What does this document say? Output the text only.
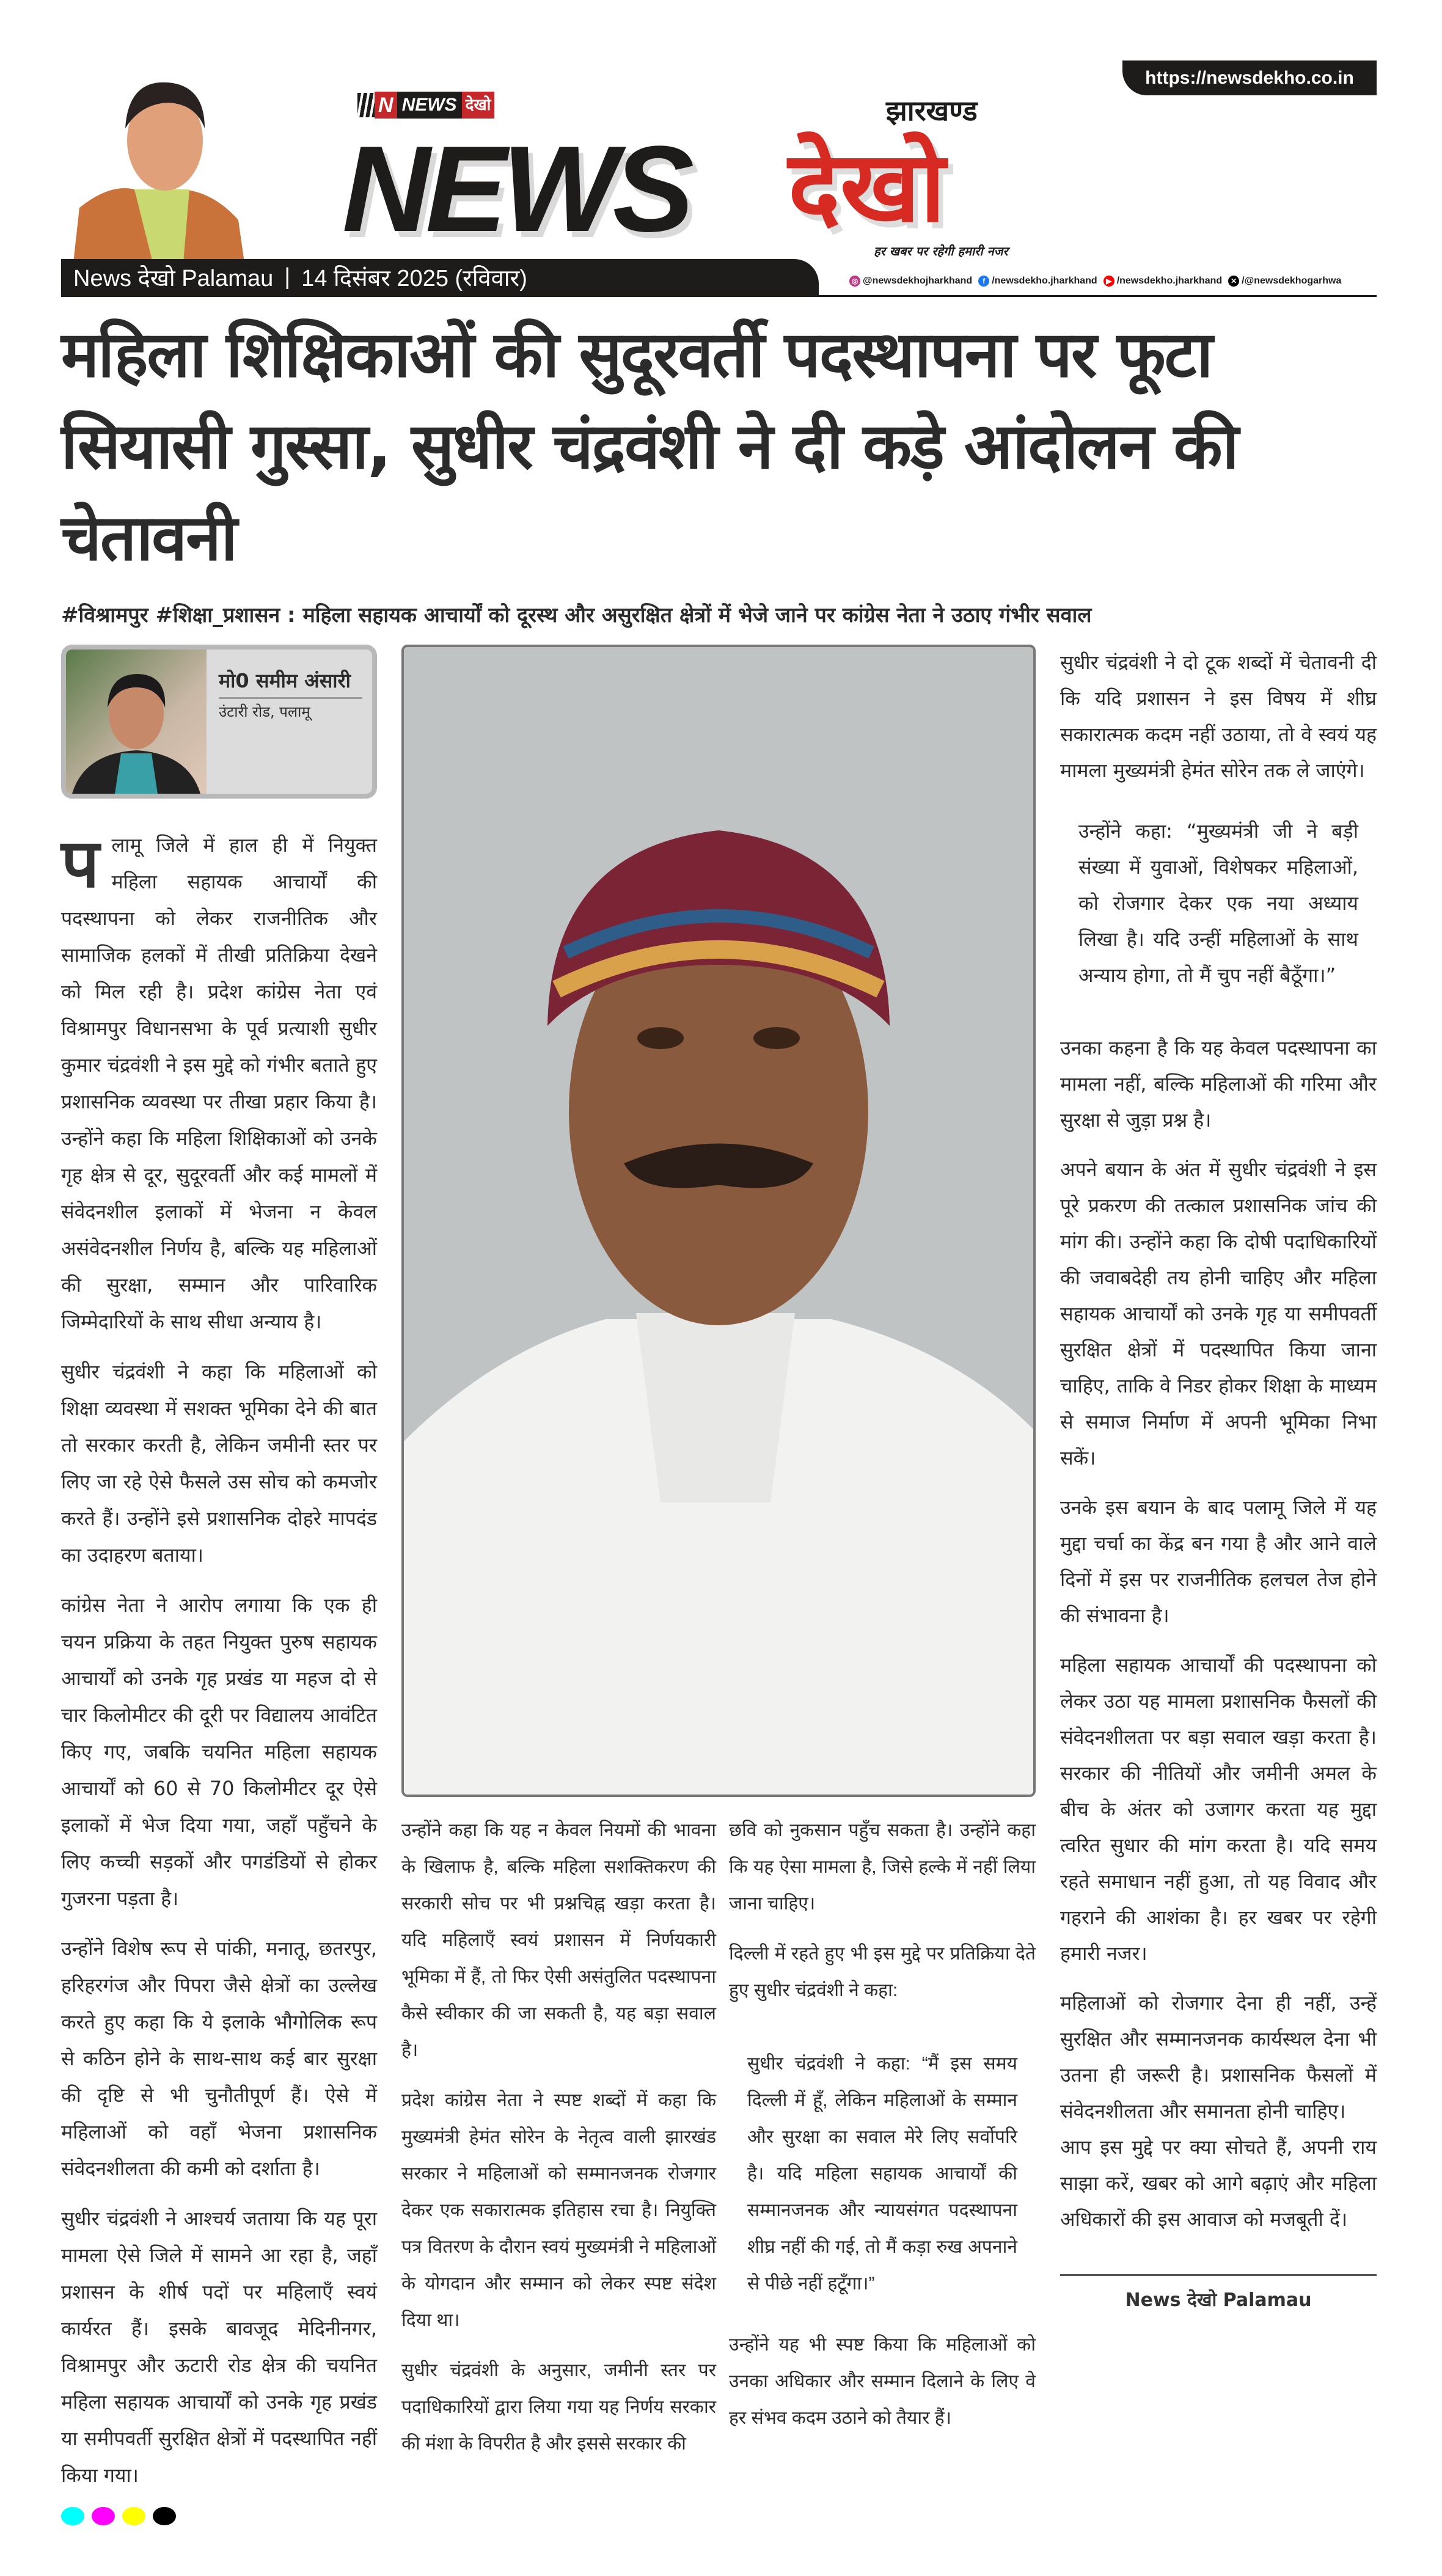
https://newsdekho.co.in
N NEWS देखो
NEWS
झारखण्ड
देखो
हर खबर पर रहेगी हमारी नजर
News देखो Palamau | 14 दिसंबर 2025 (रविवार)	◎ @newsdekhojharkhand	f /newsdekho.jharkhand	▶ /newsdekho.jharkhand	✕ /@newsdekhogarhwa
महिला शिक्षिकाओं की सुदूरवर्ती पदस्थापना पर फूटा सियासी गुस्सा, सुधीर चंद्रवंशी ने दी कड़े आंदोलन की चेतावनी
#विश्रामपुर #शिक्षा_प्रशासन : महिला सहायक आचार्यों को दूरस्थ और असुरक्षित क्षेत्रों में भेजे जाने पर कांग्रेस नेता ने उठाए गंभीर सवाल
मो0 समीम अंसारी
उंटारी रोड, पलामू

पलामू जिले में हाल ही में नियुक्त महिला सहायक आचार्यों की पदस्थापना को लेकर राजनीतिक और सामाजिक हलकों में तीखी प्रतिक्रिया देखने को मिल रही है। प्रदेश कांग्रेस नेता एवं विश्रामपुर विधानसभा के पूर्व प्रत्याशी सुधीर कुमार चंद्रवंशी ने इस मुद्दे को गंभीर बताते हुए प्रशासनिक व्यवस्था पर तीखा प्रहार किया है। उन्होंने कहा कि महिला शिक्षिकाओं को उनके गृह क्षेत्र से दूर, सुदूरवर्ती और कई मामलों में संवेदनशील इलाकों में भेजना न केवल असंवेदनशील निर्णय है, बल्कि यह महिलाओं की सुरक्षा, सम्मान और पारिवारिक जिम्मेदारियों के साथ सीधा अन्याय है।

सुधीर चंद्रवंशी ने कहा कि महिलाओं को शिक्षा व्यवस्था में सशक्त भूमिका देने की बात तो सरकार करती है, लेकिन जमीनी स्तर पर लिए जा रहे ऐसे फैसले उस सोच को कमजोर करते हैं। उन्होंने इसे प्रशासनिक दोहरे मापदंड का उदाहरण बताया।

कांग्रेस नेता ने आरोप लगाया कि एक ही चयन प्रक्रिया के तहत नियुक्त पुरुष सहायक आचार्यों को उनके गृह प्रखंड या महज दो से चार किलोमीटर की दूरी पर विद्यालय आवंटित किए गए, जबकि चयनित महिला सहायक आचार्यों को 60 से 70 किलोमीटर दूर ऐसे इलाकों में भेज दिया गया, जहाँ पहुँचने के लिए कच्ची सड़कों और पगडंडियों से होकर गुजरना पड़ता है।

उन्होंने विशेष रूप से पांकी, मनातू, छतरपुर, हरिहरगंज और पिपरा जैसे क्षेत्रों का उल्लेख करते हुए कहा कि ये इलाके भौगोलिक रूप से कठिन होने के साथ-साथ कई बार सुरक्षा की दृष्टि से भी चुनौतीपूर्ण हैं। ऐसे में महिलाओं को वहाँ भेजना प्रशासनिक संवेदनशीलता की कमी को दर्शाता है।

सुधीर चंद्रवंशी ने आश्चर्य जताया कि यह पूरा मामला ऐसे जिले में सामने आ रहा है, जहाँ प्रशासन के शीर्ष पदों पर महिलाएँ स्वयं कार्यरत हैं। इसके बावजूद मेदिनीनगर, विश्रामपुर और ऊटारी रोड क्षेत्र की चयनित महिला सहायक आचार्यों को उनके गृह प्रखंड या समीपवर्ती सुरक्षित क्षेत्रों में पदस्थापित नहीं किया गया।

उन्होंने कहा कि यह न केवल नियमों की भावना के खिलाफ है, बल्कि महिला सशक्तिकरण की सरकारी सोच पर भी प्रश्नचिह्न खड़ा करता है। यदि महिलाएँ स्वयं प्रशासन में निर्णयकारी भूमिका में हैं, तो फिर ऐसी असंतुलित पदस्थापना कैसे स्वीकार की जा सकती है, यह बड़ा सवाल है।

प्रदेश कांग्रेस नेता ने स्पष्ट शब्दों में कहा कि मुख्यमंत्री हेमंत सोरेन के नेतृत्व वाली झारखंड सरकार ने महिलाओं को सम्मानजनक रोजगार देकर एक सकारात्मक इतिहास रचा है। नियुक्ति पत्र वितरण के दौरान स्वयं मुख्यमंत्री ने महिलाओं के योगदान और सम्मान को लेकर स्पष्ट संदेश दिया था।

सुधीर चंद्रवंशी के अनुसार, जमीनी स्तर पर पदाधिकारियों द्वारा लिया गया यह निर्णय सरकार की मंशा के विपरीत है और इससे सरकार की

छवि को नुकसान पहुँच सकता है। उन्होंने कहा कि यह ऐसा मामला है, जिसे हल्के में नहीं लिया जाना चाहिए।

दिल्ली में रहते हुए भी इस मुद्दे पर प्रतिक्रिया देते हुए सुधीर चंद्रवंशी ने कहा:

सुधीर चंद्रवंशी ने कहा: “मैं इस समय दिल्ली में हूँ, लेकिन महिलाओं के सम्मान और सुरक्षा का सवाल मेरे लिए सर्वोपरि है। यदि महिला सहायक आचार्यों की सम्मानजनक और न्यायसंगत पदस्थापना शीघ्र नहीं की गई, तो मैं कड़ा रुख अपनाने से पीछे नहीं हटूँगा।”

उन्होंने यह भी स्पष्ट किया कि महिलाओं को उनका अधिकार और सम्मान दिलाने के लिए वे हर संभव कदम उठाने को तैयार हैं।

सुधीर चंद्रवंशी ने दो टूक शब्दों में चेतावनी दी कि यदि प्रशासन ने इस विषय में शीघ्र सकारात्मक कदम नहीं उठाया, तो वे स्वयं यह मामला मुख्यमंत्री हेमंत सोरेन तक ले जाएंगे।

उन्होंने कहा: “मुख्यमंत्री जी ने बड़ी संख्या में युवाओं, विशेषकर महिलाओं, को रोजगार देकर एक नया अध्याय लिखा है। यदि उन्हीं महिलाओं के साथ अन्याय होगा, तो मैं चुप नहीं बैठूँगा।”

उनका कहना है कि यह केवल पदस्थापना का मामला नहीं, बल्कि महिलाओं की गरिमा और सुरक्षा से जुड़ा प्रश्न है।

अपने बयान के अंत में सुधीर चंद्रवंशी ने इस पूरे प्रकरण की तत्काल प्रशासनिक जांच की मांग की। उन्होंने कहा कि दोषी पदाधिकारियों की जवाबदेही तय होनी चाहिए और महिला सहायक आचार्यों को उनके गृह या समीपवर्ती सुरक्षित क्षेत्रों में पदस्थापित किया जाना चाहिए, ताकि वे निडर होकर शिक्षा के माध्यम से समाज निर्माण में अपनी भूमिका निभा सकें।

उनके इस बयान के बाद पलामू जिले में यह मुद्दा चर्चा का केंद्र बन गया है और आने वाले दिनों में इस पर राजनीतिक हलचल तेज होने की संभावना है।

महिला सहायक आचार्यों की पदस्थापना को लेकर उठा यह मामला प्रशासनिक फैसलों की संवेदनशीलता पर बड़ा सवाल खड़ा करता है। सरकार की नीतियों और जमीनी अमल के बीच के अंतर को उजागर करता यह मुद्दा त्वरित सुधार की मांग करता है। यदि समय रहते समाधान नहीं हुआ, तो यह विवाद और गहराने की आशंका है। हर खबर पर रहेगी हमारी नजर।

महिलाओं को रोजगार देना ही नहीं, उन्हें सुरक्षित और सम्मानजनक कार्यस्थल देना भी उतना ही जरूरी है। प्रशासनिक फैसलों में संवेदनशीलता और समानता होनी चाहिए।

आप इस मुद्दे पर क्या सोचते हैं, अपनी राय साझा करें, खबर को आगे बढ़ाएं और महिला अधिकारों की इस आवाज को मजबूती दें।

News देखो Palamau
